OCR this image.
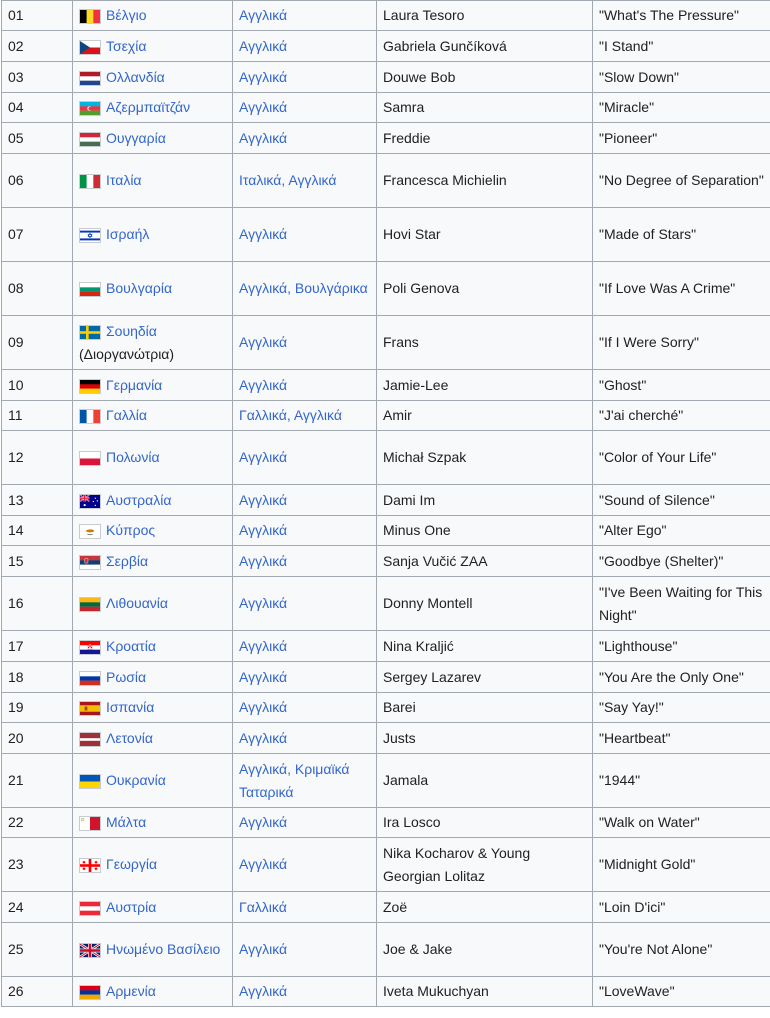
01	Βέλγιο	Αγγλικά	Laura Tesoro	"What's The Pressure"
02	Τσεχία	Αγγλικά	Gabriela Gunčíková	"I Stand"
03	Ολλανδία	Αγγλικά	Douwe Bob	"Slow Down"
04	Αζερμπαϊτζάν	Αγγλικά	Samra	"Miracle"
05	Ουγγαρία	Αγγλικά	Freddie	"Pioneer"
06	Ιταλία	Ιταλικά, Αγγλικά	Francesca Michielin	"No Degree of Separation"
07	Ισραήλ	Αγγλικά	Hovi Star	"Made of Stars"
08	Βουλγαρία	Αγγλικά, Βουλγάρικα	Poli Genova	"If Love Was A Crime"
09	Σουηδία (Διοργανώτρια)	Αγγλικά	Frans	"If I Were Sorry"
10	Γερμανία	Αγγλικά	Jamie-Lee	"Ghost"
11	Γαλλία	Γαλλικά, Αγγλικά	Amir	"J'ai cherché"
12	Πολωνία	Αγγλικά	Michał Szpak	"Color of Your Life"
13	Αυστραλία	Αγγλικά	Dami Im	"Sound of Silence"
14	Κύπρος	Αγγλικά	Minus One	"Alter Ego"
15	Σερβία	Αγγλικά	Sanja Vučić ZAA	"Goodbye (Shelter)"
16	Λιθουανία	Αγγλικά	Donny Montell	"I've Been Waiting for This Night"
17	Κροατία	Αγγλικά	Nina Kraljić	"Lighthouse"
18	Ρωσία	Αγγλικά	Sergey Lazarev	"You Are the Only One"
19	Ισπανία	Αγγλικά	Barei	"Say Yay!"
20	Λετονία	Αγγλικά	Justs	"Heartbeat"
21	Ουκρανία	Αγγλικά, Κριμαϊκά Ταταρικά	Jamala	"1944"
22	Μάλτα	Αγγλικά	Ira Losco	"Walk on Water"
23	Γεωργία	Αγγλικά	Nika Kocharov & Young Georgian Lolitaz	"Midnight Gold"
24	Αυστρία	Γαλλικά	Zoë	"Loin D'ici"
25	Ηνωμένο Βασίλειο	Αγγλικά	Joe & Jake	"You're Not Alone"
26	Αρμενία	Αγγλικά	Iveta Mukuchyan	"LoveWave"
